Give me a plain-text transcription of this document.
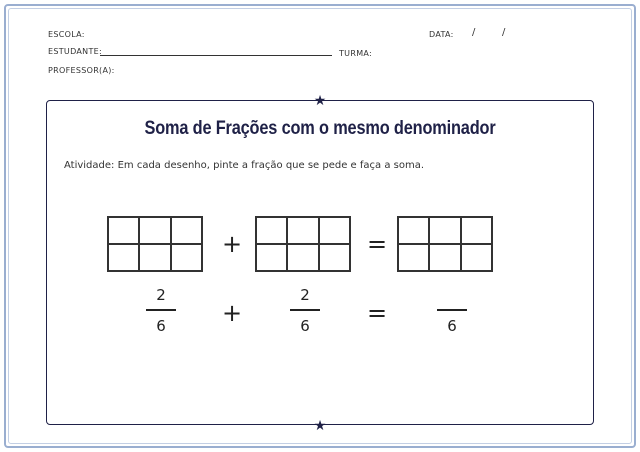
ESCOLA:	DATA: /	/
ESTUDANTE:	TURMA:
PROFESSOR(A):
★
★
Soma de Frações com o mesmo denominador
Atividade: Em cada desenho, pinte a fração que se pede e faça a soma.
+	=
2
6	+
2
6	=	6
